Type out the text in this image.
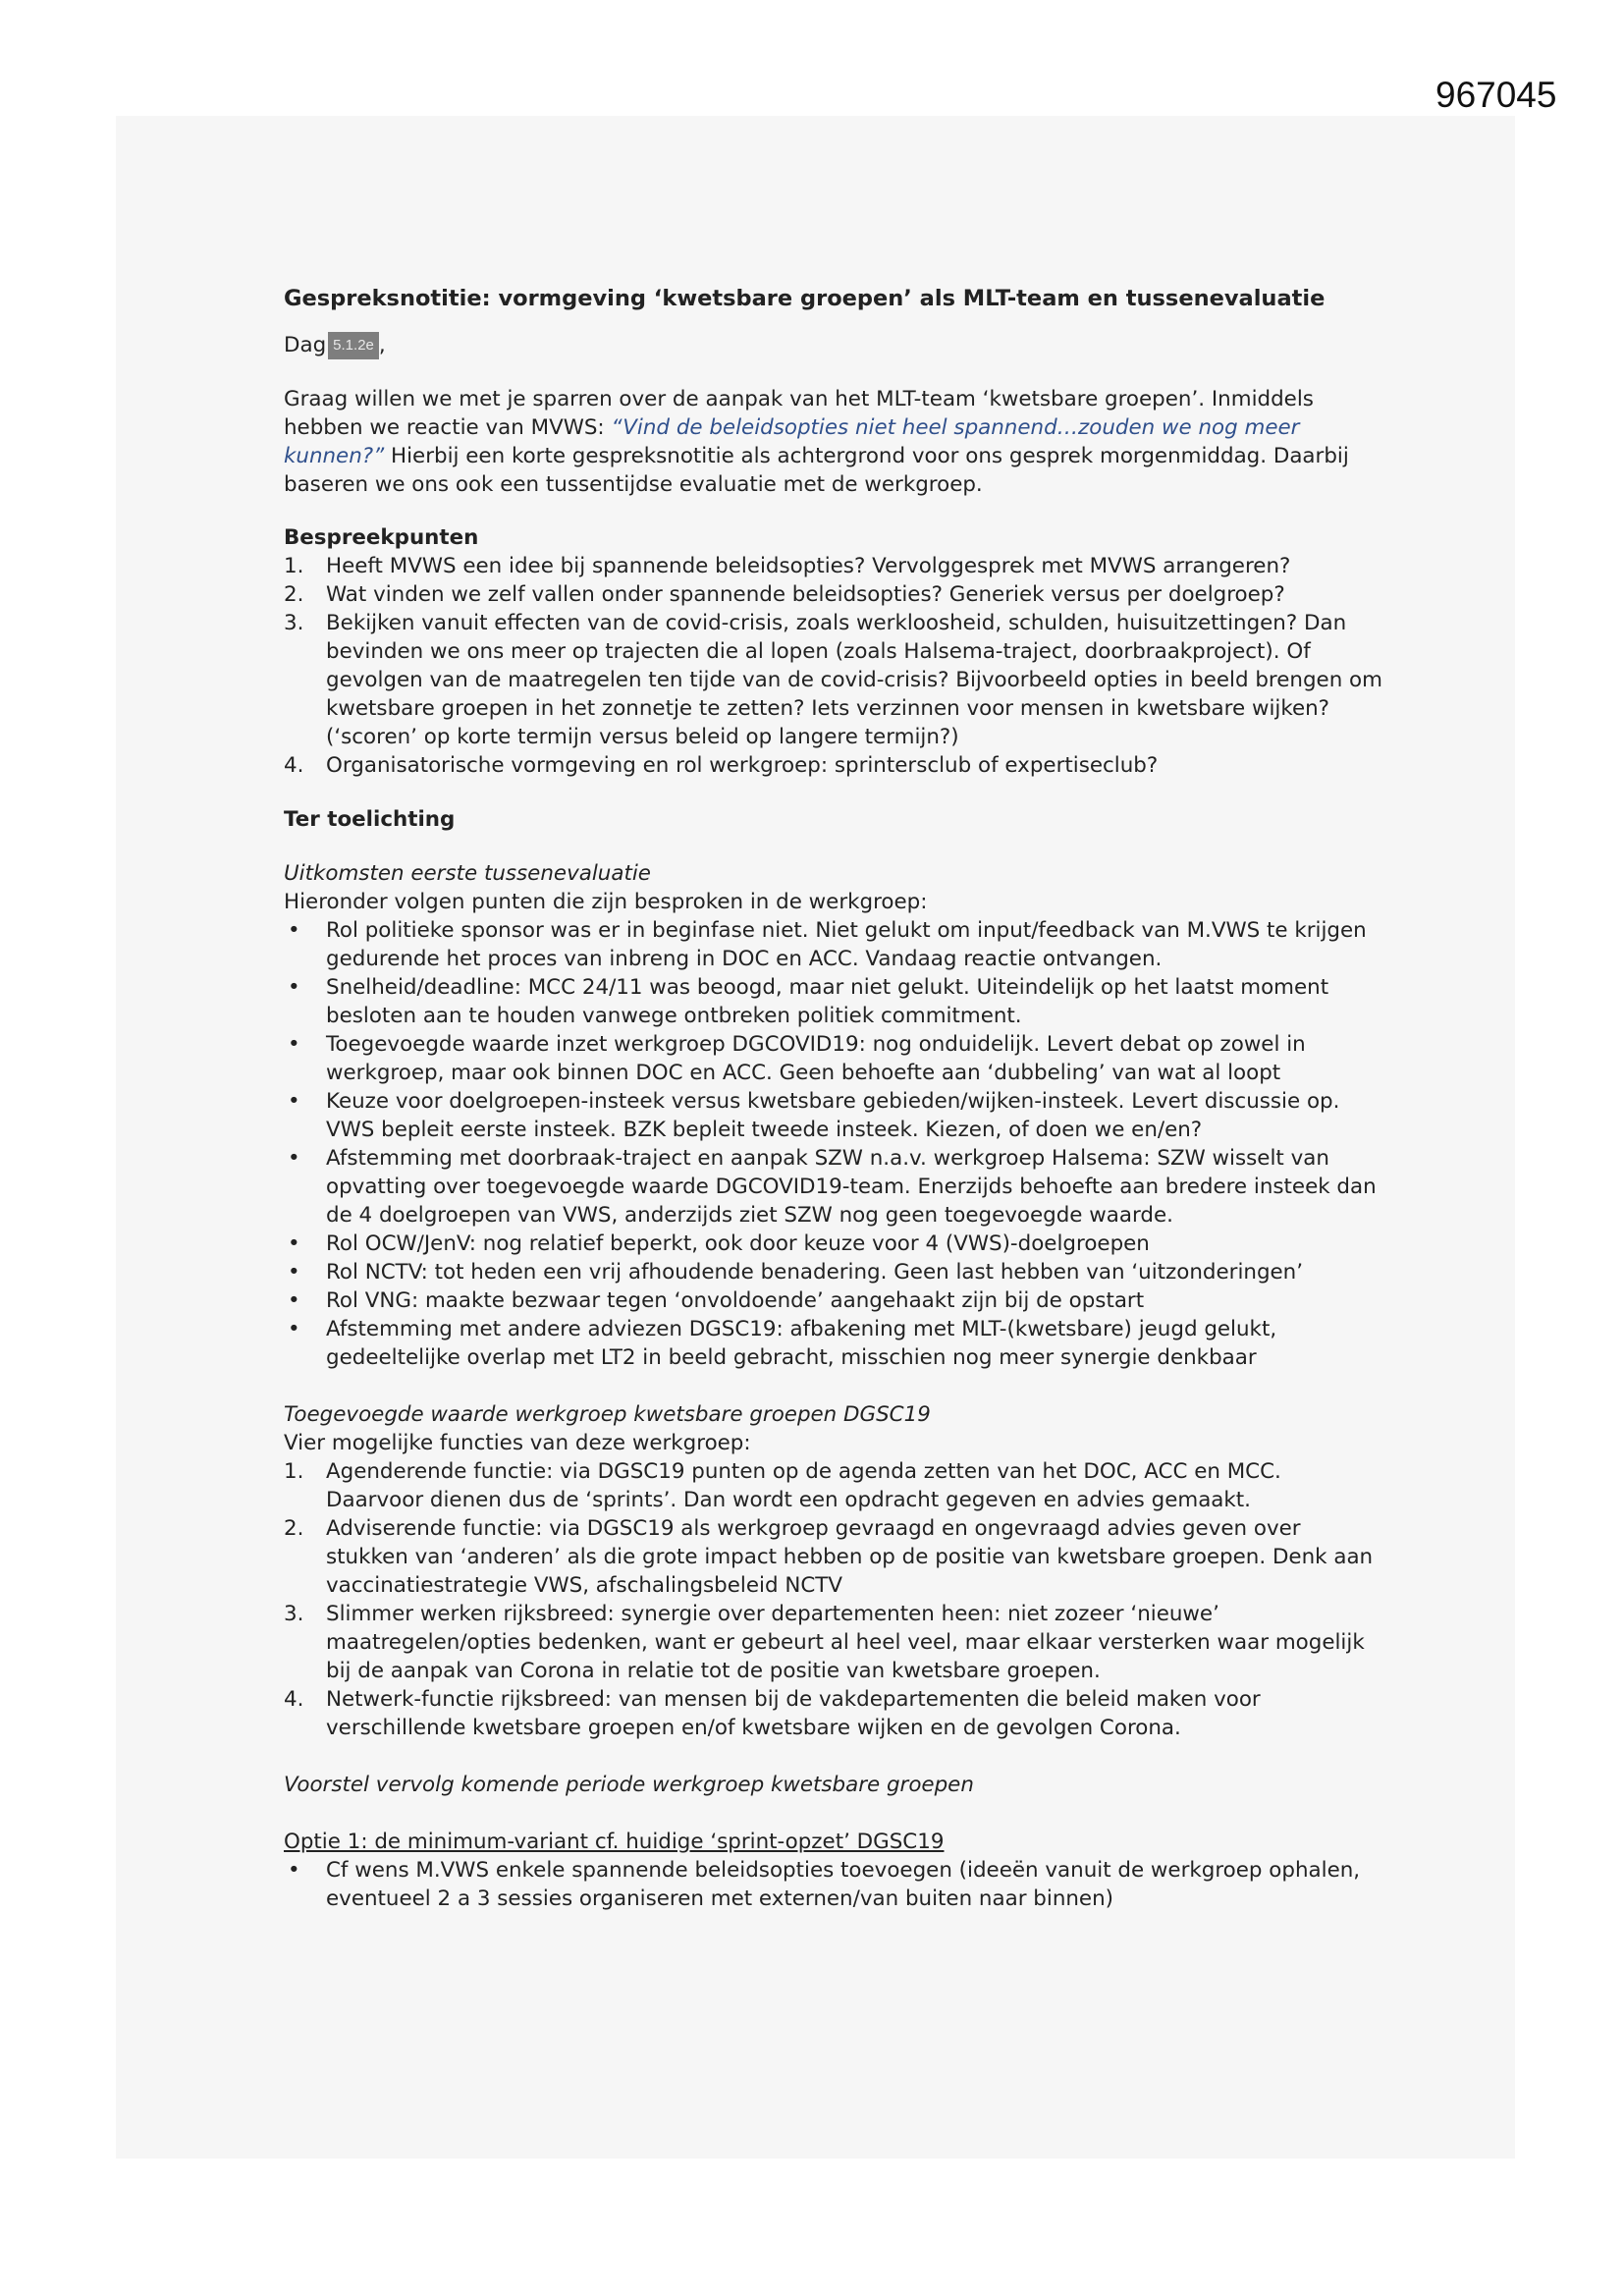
967045
Gespreksnotitie: vormgeving ‘kwetsbare groepen’ als MLT-team en tussenevaluatie
Dag 5.1.2e ,

Graag willen we met je sparren over de aanpak van het MLT-team ‘kwetsbare groepen’. Inmiddels hebben we reactie van MVWS: “Vind de beleidsopties niet heel spannend…zouden we nog meer kunnen?” Hierbij een korte gespreksnotitie als achtergrond voor ons gesprek morgenmiddag. Daarbij baseren we ons ook een tussentijdse evaluatie met de werkgroep.

Bespreekpunten
1.	Heeft MVWS een idee bij spannende beleidsopties? Vervolggesprek met MVWS arrangeren?
2.	Wat vinden we zelf vallen onder spannende beleidsopties? Generiek versus per doelgroep?
3.	Bekijken vanuit effecten van de covid-crisis, zoals werkloosheid, schulden, huisuitzettingen? Dan bevinden we ons meer op trajecten die al lopen (zoals Halsema-traject, doorbraakproject). Of gevolgen van de maatregelen ten tijde van de covid-crisis? Bijvoorbeeld opties in beeld brengen om kwetsbare groepen in het zonnetje te zetten? Iets verzinnen voor mensen in kwetsbare wijken? (‘scoren’ op korte termijn versus beleid op langere termijn?)
4.	Organisatorische vormgeving en rol werkgroep: sprintersclub of expertiseclub?
Ter toelichting
Uitkomsten eerste tussenevaluatie

Hieronder volgen punten die zijn besproken in de werkgroep:

•	Rol politieke sponsor was er in beginfase niet. Niet gelukt om input/feedback van M.VWS te krijgen gedurende het proces van inbreng in DOC en ACC. Vandaag reactie ontvangen.
•	Snelheid/deadline: MCC 24/11 was beoogd, maar niet gelukt. Uiteindelijk op het laatst moment besloten aan te houden vanwege ontbreken politiek commitment.
•	Toegevoegde waarde inzet werkgroep DGCOVID19: nog onduidelijk. Levert debat op zowel in werkgroep, maar ook binnen DOC en ACC. Geen behoefte aan ‘dubbeling’ van wat al loopt
•	Keuze voor doelgroepen-insteek versus kwetsbare gebieden/wijken-insteek. Levert discussie op. VWS bepleit eerste insteek. BZK bepleit tweede insteek. Kiezen, of doen we en/en?
•	Afstemming met doorbraak-traject en aanpak SZW n.a.v. werkgroep Halsema: SZW wisselt van opvatting over toegevoegde waarde DGCOVID19-team. Enerzijds behoefte aan bredere insteek dan de 4 doelgroepen van VWS, anderzijds ziet SZW nog geen toegevoegde waarde.
•	Rol OCW/JenV: nog relatief beperkt, ook door keuze voor 4 (VWS)-doelgroepen
•	Rol NCTV: tot heden een vrij afhoudende benadering. Geen last hebben van ‘uitzonderingen’
•	Rol VNG: maakte bezwaar tegen ‘onvoldoende’ aangehaakt zijn bij de opstart
•	Afstemming met andere adviezen DGSC19: afbakening met MLT-(kwetsbare) jeugd gelukt, gedeeltelijke overlap met LT2 in beeld gebracht, misschien nog meer synergie denkbaar
Toegevoegde waarde werkgroep kwetsbare groepen DGSC19

Vier mogelijke functies van deze werkgroep:

1.	Agenderende functie: via DGSC19 punten op de agenda zetten van het DOC, ACC en MCC. Daarvoor dienen dus de ‘sprints’. Dan wordt een opdracht gegeven en advies gemaakt.
2.	Adviserende functie: via DGSC19 als werkgroep gevraagd en ongevraagd advies geven over stukken van ‘anderen’ als die grote impact hebben op de positie van kwetsbare groepen. Denk aan vaccinatiestrategie VWS, afschalingsbeleid NCTV
3.	Slimmer werken rijksbreed: synergie over departementen heen: niet zozeer ‘nieuwe’ maatregelen/opties bedenken, want er gebeurt al heel veel, maar elkaar versterken waar mogelijk bij de aanpak van Corona in relatie tot de positie van kwetsbare groepen.
4.	Netwerk-functie rijksbreed: van mensen bij de vakdepartementen die beleid maken voor verschillende kwetsbare groepen en/of kwetsbare wijken en de gevolgen Corona.
Voorstel vervolg komende periode werkgroep kwetsbare groepen
Optie 1: de minimum-variant cf. huidige ‘sprint-opzet’ DGSC19
•	Cf wens M.VWS enkele spannende beleidsopties toevoegen (ideeën vanuit de werkgroep ophalen, eventueel 2 a 3 sessies organiseren met externen/van buiten naar binnen)
